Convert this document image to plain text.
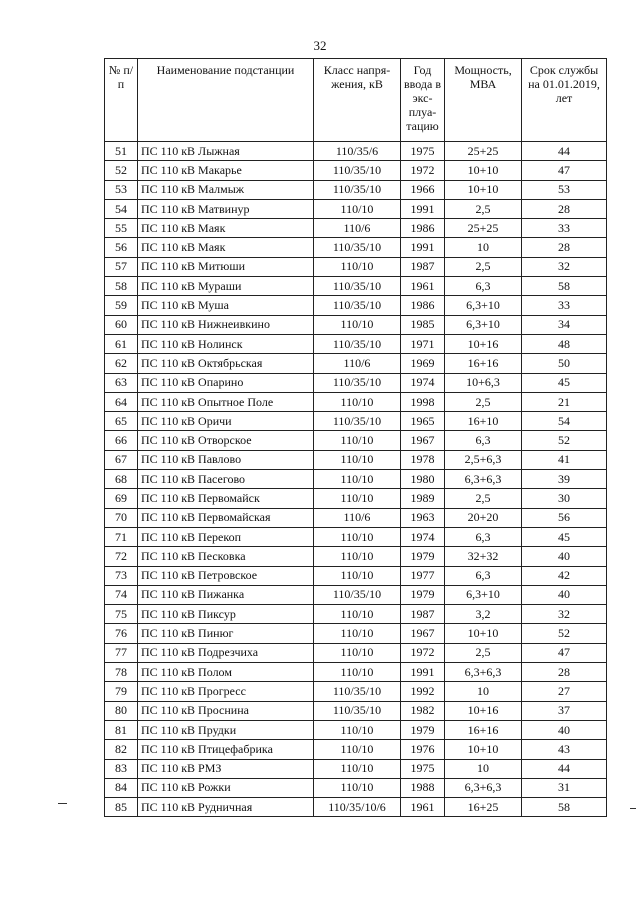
32
№ п/п	Наименование подстанции	Класс напря-жения, кВ	Год ввода в экс-плуа-тацию	Мощность, МВА	Срок службы на 01.01.2019, лет
51	ПС 110 кВ Лыжная	110/35/6	1975	25+25	44
52	ПС 110 кВ Макарье	110/35/10	1972	10+10	47
53	ПС 110 кВ Малмыж	110/35/10	1966	10+10	53
54	ПС 110 кВ Матвинур	110/10	1991	2,5	28
55	ПС 110 кВ Маяк	110/6	1986	25+25	33
56	ПС 110 кВ Маяк	110/35/10	1991	10	28
57	ПС 110 кВ Митюши	110/10	1987	2,5	32
58	ПС 110 кВ Мураши	110/35/10	1961	6,3	58
59	ПС 110 кВ Муша	110/35/10	1986	6,3+10	33
60	ПС 110 кВ Нижнеивкино	110/10	1985	6,3+10	34
61	ПС 110 кВ Нолинск	110/35/10	1971	10+16	48
62	ПС 110 кВ Октябрьская	110/6	1969	16+16	50
63	ПС 110 кВ Опарино	110/35/10	1974	10+6,3	45
64	ПС 110 кВ Опытное Поле	110/10	1998	2,5	21
65	ПС 110 кВ Оричи	110/35/10	1965	16+10	54
66	ПС 110 кВ Отворское	110/10	1967	6,3	52
67	ПС 110 кВ Павлово	110/10	1978	2,5+6,3	41
68	ПС 110 кВ Пасегово	110/10	1980	6,3+6,3	39
69	ПС 110 кВ Первомайск	110/10	1989	2,5	30
70	ПС 110 кВ Первомайская	110/6	1963	20+20	56
71	ПС 110 кВ Перекоп	110/10	1974	6,3	45
72	ПС 110 кВ Песковка	110/10	1979	32+32	40
73	ПС 110 кВ Петровское	110/10	1977	6,3	42
74	ПС 110 кВ Пижанка	110/35/10	1979	6,3+10	40
75	ПС 110 кВ Пиксур	110/10	1987	3,2	32
76	ПС 110 кВ Пинюг	110/10	1967	10+10	52
77	ПС 110 кВ Подрезчиха	110/10	1972	2,5	47
78	ПС 110 кВ Полом	110/10	1991	6,3+6,3	28
79	ПС 110 кВ Прогресс	110/35/10	1992	10	27
80	ПС 110 кВ Проснина	110/35/10	1982	10+16	37
81	ПС 110 кВ Прудки	110/10	1979	16+16	40
82	ПС 110 кВ Птицефабрика	110/10	1976	10+10	43
83	ПС 110 кВ РМЗ	110/10	1975	10	44
84	ПС 110 кВ Рожки	110/10	1988	6,3+6,3	31
85	ПС 110 кВ Рудничная	110/35/10/6	1961	16+25	58
